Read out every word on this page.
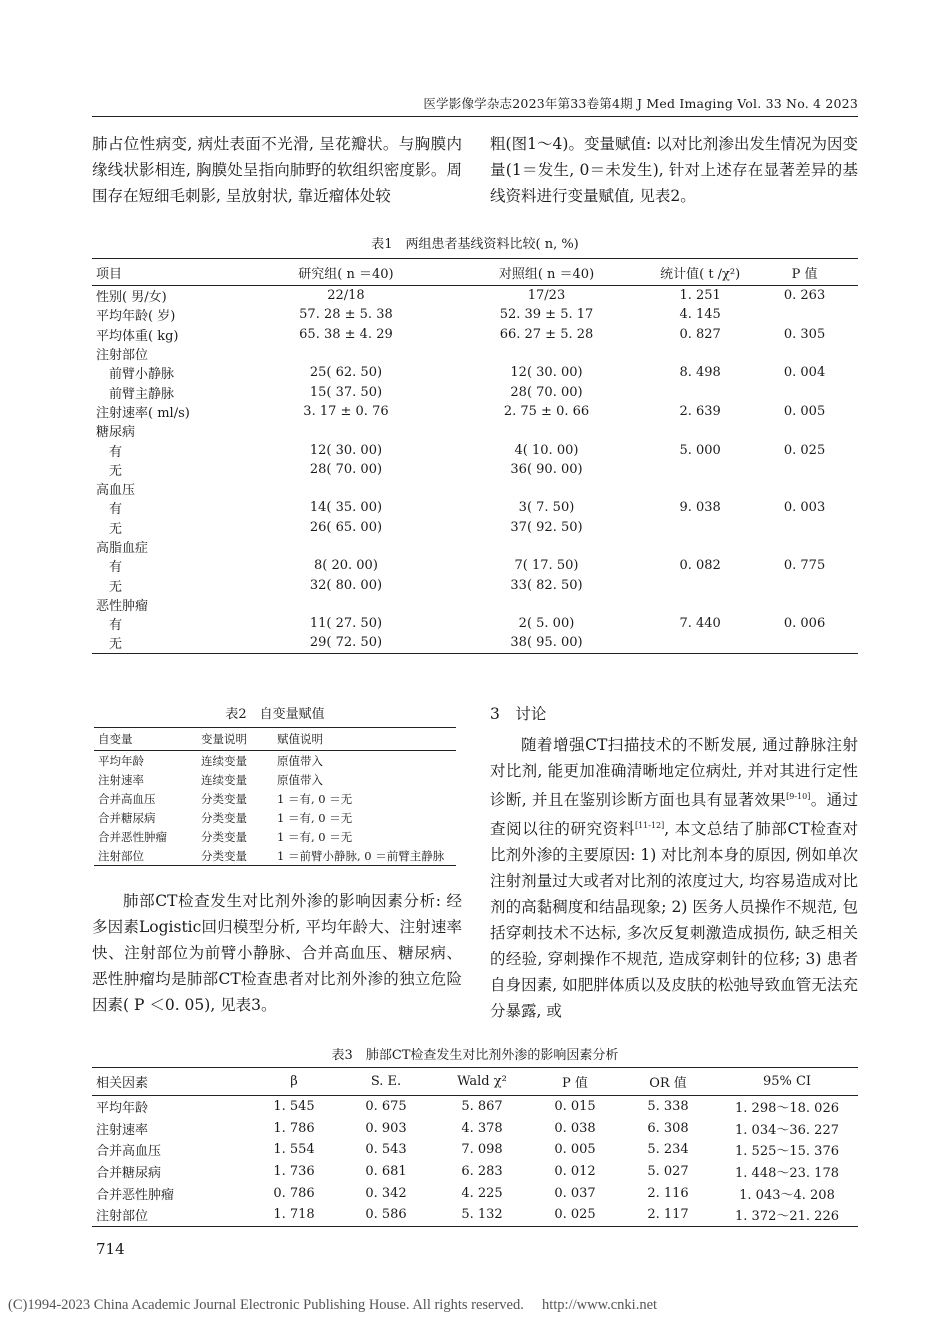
医学影像学杂志2023年第33卷第4期 J Med Imaging Vol. 33 No. 4 2023

肺占位性病变, 病灶表面不光滑, 呈花瓣状。与胸膜内缘线状影相连, 胸膜处呈指向肺野的软组织密度影。周围存在短细毛刺影, 呈放射状, 靠近瘤体处较

粗(图1～4)。变量赋值: 以对比剂渗出发生情况为因变量(1＝发生, 0＝未发生), 针对上述存在显著差异的基线资料进行变量赋值, 见表2。

表1　两组患者基线资料比较( n, %)
项目	研究组( n ＝40)	对照组( n ＝40)	统计值( t /χ²)	P 值
性别( 男/女)	22/18	17/23	1. 251	0. 263
平均年龄( 岁)	57. 28 ± 5. 38	52. 39 ± 5. 17	4. 145	
平均体重( kg)	65. 38 ± 4. 29	66. 27 ± 5. 28	0. 827	0. 305
注射部位				
　前臂小静脉	25( 62. 50)	12( 30. 00)	8. 498	0. 004
　前臂主静脉	15( 37. 50)	28( 70. 00)		
注射速率( ml/s)	3. 17 ± 0. 76	2. 75 ± 0. 66	2. 639	0. 005
糖尿病				
　有	12( 30. 00)	4( 10. 00)	5. 000	0. 025
　无	28( 70. 00)	36( 90. 00)		
高血压				
　有	14( 35. 00)	3( 7. 50)	9. 038	0. 003
　无	26( 65. 00)	37( 92. 50)		
高脂血症				
　有	8( 20. 00)	7( 17. 50)	0. 082	0. 775
　无	32( 80. 00)	33( 82. 50)		
恶性肿瘤				
　有	11( 27. 50)	2( 5. 00)	7. 440	0. 006
　无	29( 72. 50)	38( 95. 00)		
表2　自变量赋值
自变量	变量说明	赋值说明
平均年龄	连续变量	原值带入
注射速率	连续变量	原值带入
合并高血压	分类变量	1 ＝有, 0 ＝无
合并糖尿病	分类变量	1 ＝有, 0 ＝无
合并恶性肿瘤	分类变量	1 ＝有, 0 ＝无
注射部位	分类变量	1 ＝前臂小静脉, 0 ＝前臂主静脉

肺部CT检查发生对比剂外渗的影响因素分析: 经多因素Logistic回归模型分析, 平均年龄大、注射速率快、注射部位为前臂小静脉、合并高血压、糖尿病、恶性肿瘤均是肺部CT检查患者对比剂外渗的独立危险因素( P ＜0. 05), 见表3。

3　讨论

随着增强CT扫描技术的不断发展, 通过静脉注射对比剂, 能更加准确清晰地定位病灶, 并对其进行定性诊断, 并且在鉴别诊断方面也具有显著效果[9-10]。通过查阅以往的研究资料[11-12], 本文总结了肺部CT检查对比剂外渗的主要原因: 1) 对比剂本身的原因, 例如单次注射剂量过大或者对比剂的浓度过大, 均容易造成对比剂的高黏稠度和结晶现象; 2) 医务人员操作不规范, 包括穿刺技术不达标, 多次反复刺激造成损伤, 缺乏相关的经验, 穿刺操作不规范, 造成穿刺针的位移; 3) 患者自身因素, 如肥胖体质以及皮肤的松弛导致血管无法充分暴露, 或

表3　肺部CT检查发生对比剂外渗的影响因素分析
相关因素	β	S. E.	Wald χ²	P 值	OR 值	95% CI
平均年龄	1. 545	0. 675	5. 867	0. 015	5. 338	1. 298～18. 026
注射速率	1. 786	0. 903	4. 378	0. 038	6. 308	1. 034～36. 227
合并高血压	1. 554	0. 543	7. 098	0. 005	5. 234	1. 525～15. 376
合并糖尿病	1. 736	0. 681	6. 283	0. 012	5. 027	1. 448～23. 178
合并恶性肿瘤	0. 786	0. 342	4. 225	0. 037	2. 116	1. 043～4. 208
注射部位	1. 718	0. 586	5. 132	0. 025	2. 117	1. 372～21. 226
714
(C)1994-2023 China Academic Journal Electronic Publishing House. All rights reserved.     http://www.cnki.net
